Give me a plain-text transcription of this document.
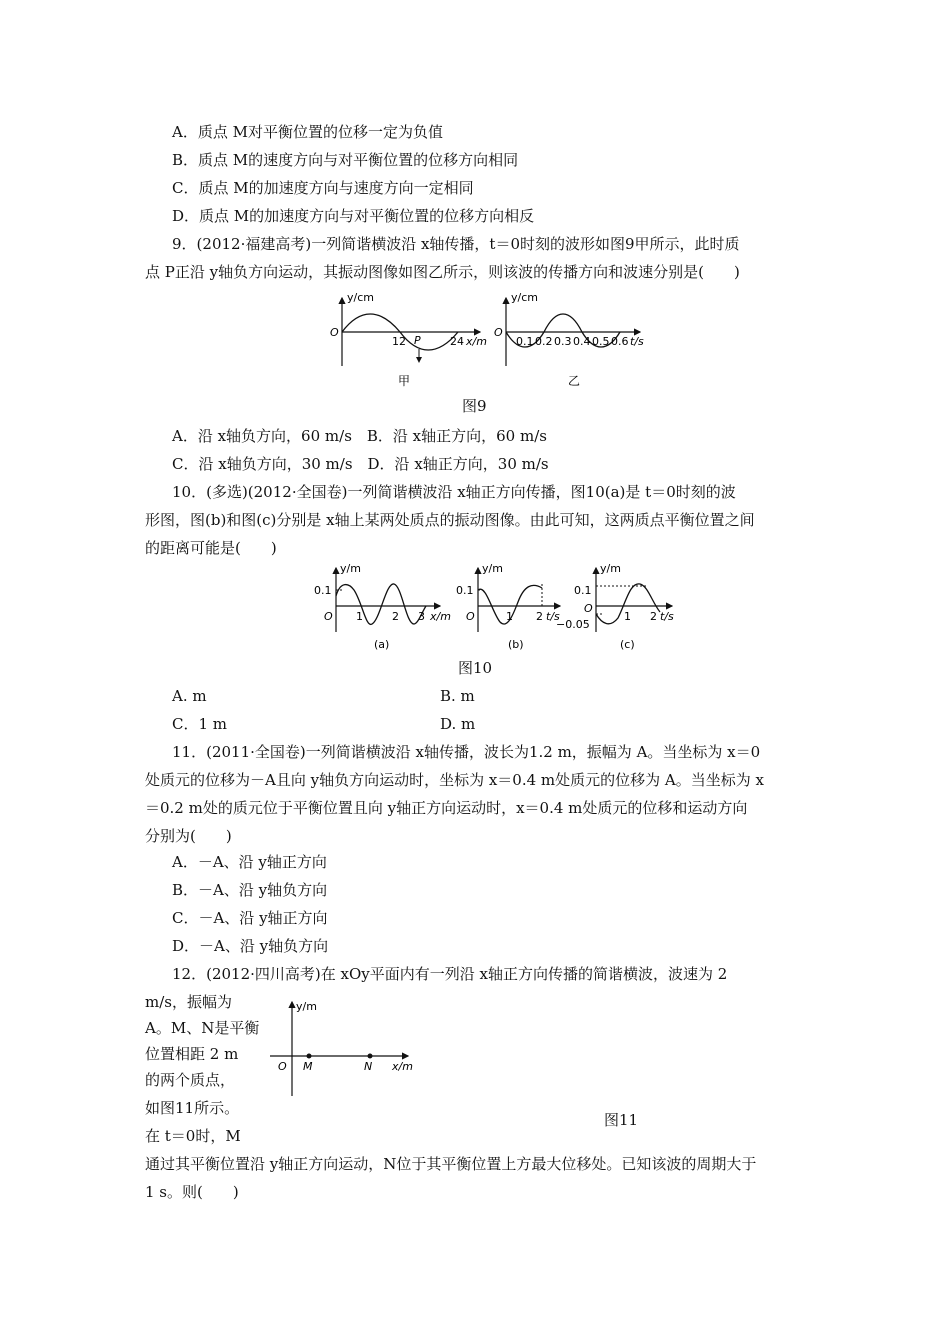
A．质点 M对平衡位置的位移一定为负值
B．质点 M的速度方向与对平衡位置的位移方向相同
C．质点 M的加速度方向与速度方向一定相同
D．质点 M的加速度方向与对平衡位置的位移方向相反
9．(2012·福建高考)一列简谐横波沿 x轴传播，t＝0时刻的波形如图9甲所示，此时质
点 P正沿 y轴负方向运动，其振动图像如图乙所示，则该波的传播方向和波速分别是(　　)
y/cm
O
12 P	24 x/m
甲
y/cm
O
0.1 0.2 0.3 0.4 0.5 0.6 t/s
乙
图9
A．沿 x轴负方向，60 m/s　B．沿 x轴正方向，60 m/s
C．沿 x轴负方向，30 m/s　D．沿 x轴正方向，30 m/s
10．(多选)(2012·全国卷)一列简谐横波沿 x轴正方向传播，图10(a)是 t＝0时刻的波
形图，图(b)和图(c)分别是 x轴上某两处质点的振动图像。由此可知，这两质点平衡位置之间
的距离可能是(　　)
y/m
0.1
O 1	2 3 x/m
(a)
y/m
0.1
O	1 2 t/s
(b)
y/m
0.1
−0.05
O
1 2 t/s
(c)
图10
A. m	B. m
C．1 m	D. m
11．(2011·全国卷)一列简谐横波沿 x轴传播，波长为1.2 m，振幅为 A。当坐标为 x＝0
处质元的位移为－A且向 y轴负方向运动时，坐标为 x＝0.4 m处质元的位移为 A。当坐标为 x
＝0.2 m处的质元位于平衡位置且向 y轴正方向运动时，x＝0.4 m处质元的位移和运动方向
分别为(　　)
A．－A、沿 y轴正方向
B．－A、沿 y轴负方向
C．－A、沿 y轴正方向
D．－A、沿 y轴负方向
12．(2012·四川高考)在 xOy平面内有一列沿 x轴正方向传播的简谐横波，波速为 2
m/s，振幅为
A。M、N是平衡
位置相距 2 m
的两个质点，
如图11所示。
在 t＝0时，M
y/m
O M	N x/m
图11
通过其平衡位置沿 y轴正方向运动，N位于其平衡位置上方最大位移处。已知该波的周期大于
1 s。则(　　)
